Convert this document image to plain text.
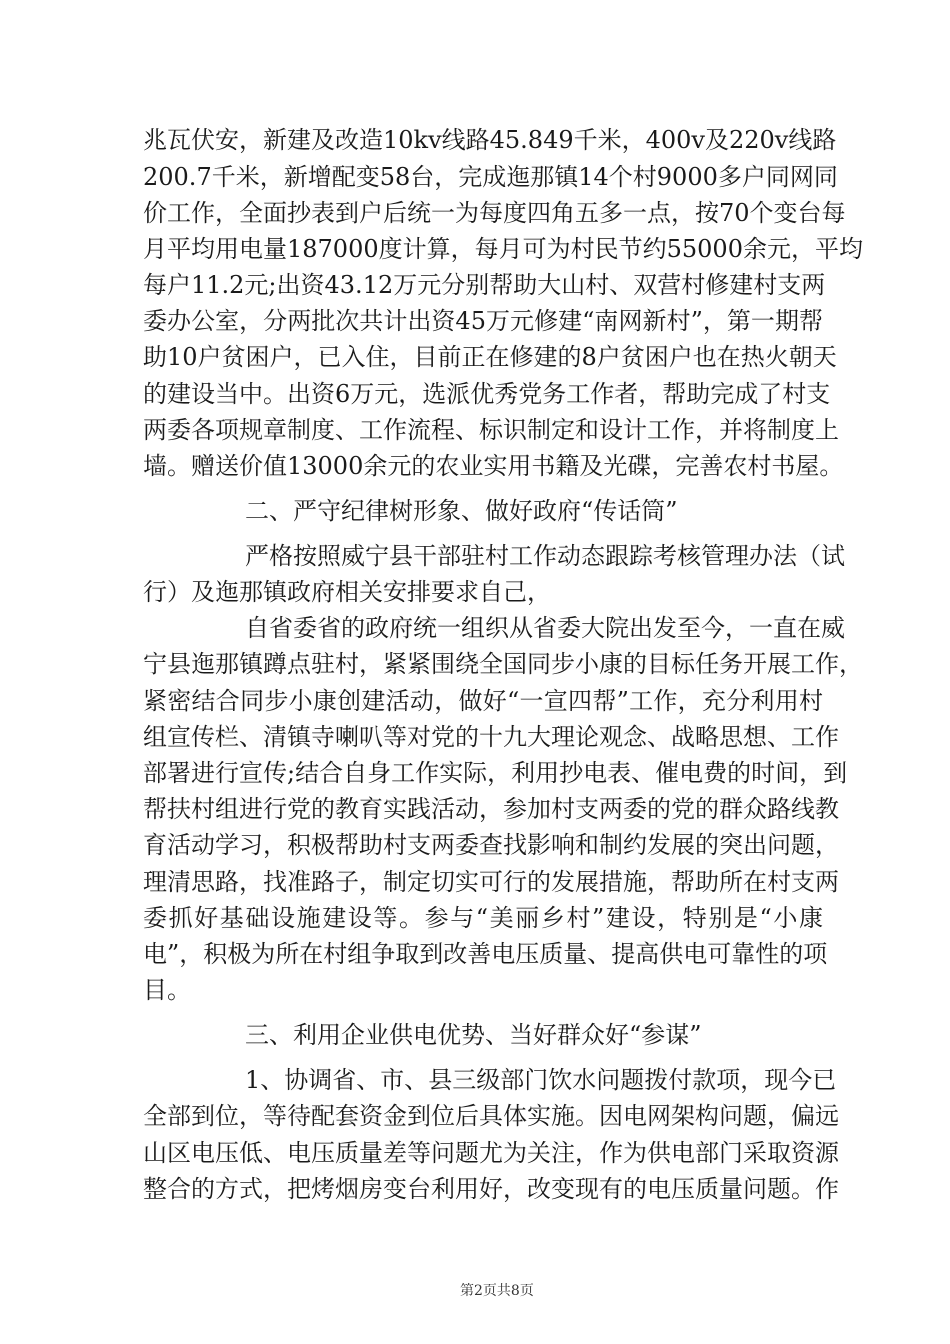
兆瓦伏安，新建及改造10kv线路45.849千米，400v及220v线路
200.7千米，新增配变58台，完成迤那镇14个村9000多户同网同
价工作，全面抄表到户后统一为每度四角五多一点，按70个变台每
月平均用电量187000度计算，每月可为村民节约55000余元，平均
每户11.2元;出资43.12万元分别帮助大山村、双营村修建村支两
委办公室，分两批次共计出资45万元修建“南网新村”，第一期帮
助10户贫困户，已入住，目前正在修建的8户贫困户也在热火朝天
的建设当中。出资6万元，选派优秀党务工作者，帮助完成了村支
两委各项规章制度、工作流程、标识制定和设计工作，并将制度上
墙。赠送价值13000余元的农业实用书籍及光碟，完善农村书屋。
二、严守纪律树形象、做好政府“传话筒”
严格按照威宁县干部驻村工作动态跟踪考核管理办法（试
行）及迤那镇政府相关安排要求自己，
自省委省的政府统一组织从省委大院出发至今，一直在威
宁县迤那镇蹲点驻村，紧紧围绕全国同步小康的目标任务开展工作，
紧密结合同步小康创建活动，做好“一宣四帮”工作，充分利用村
组宣传栏、清镇寺喇叭等对党的十九大理论观念、战略思想、工作
部署进行宣传;结合自身工作实际，利用抄电表、催电费的时间，到
帮扶村组进行党的教育实践活动，参加村支两委的党的群众路线教
育活动学习，积极帮助村支两委查找影响和制约发展的突出问题，
理清思路，找准路子，制定切实可行的发展措施，帮助所在村支两
委抓好基础设施建设等。参与“美丽乡村”建设，特别是“小康
电”，积极为所在村组争取到改善电压质量、提高供电可靠性的项
目。
三、利用企业供电优势、当好群众好“参谋”
1、协调省、市、县三级部门饮水问题拨付款项，现今已
全部到位，等待配套资金到位后具体实施。因电网架构问题，偏远
山区电压低、电压质量差等问题尤为关注，作为供电部门采取资源
整合的方式，把烤烟房变台利用好，改变现有的电压质量问题。作
第2页共8页
